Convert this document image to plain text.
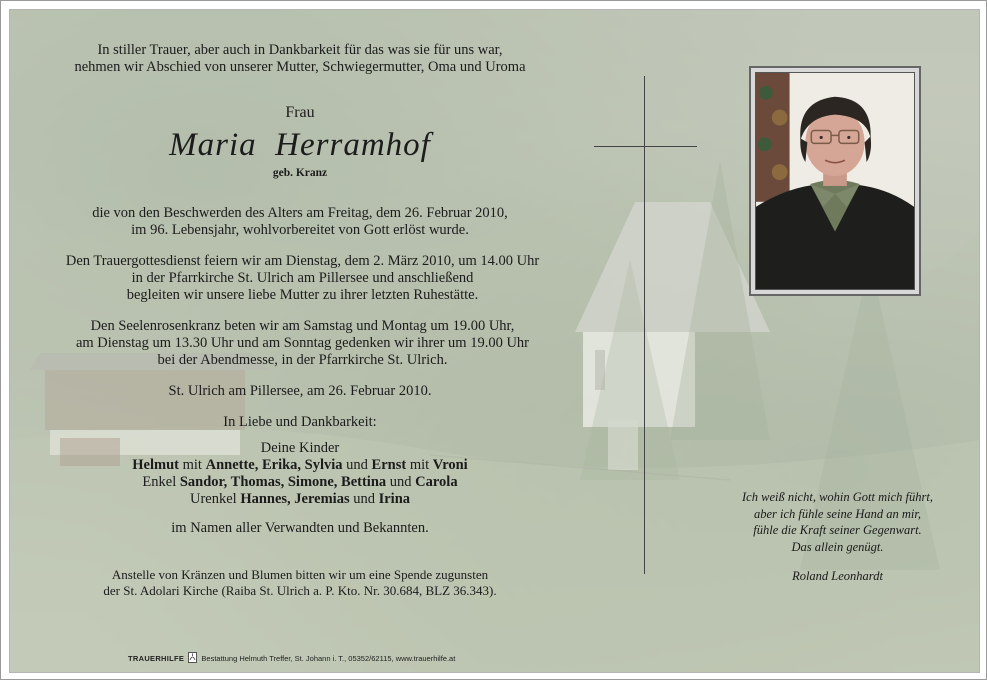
In stiller Trauer, aber auch in Dankbarkeit für das was sie für uns war,
nehmen wir Abschied von unserer Mutter, Schwiegermutter, Oma und Uroma
Frau
Maria  Herramhof
geb. Kranz
die von den Beschwerden des Alters am Freitag, dem 26. Februar 2010,
im 96. Lebensjahr, wohlvorbereitet von Gott erlöst wurde.
Den Trauergottesdienst feiern wir am Dienstag, dem 2. März 2010, um 14.00 Uhr
in der Pfarrkirche St. Ulrich am Pillersee und anschließend
begleiten wir unsere liebe Mutter zu ihrer letzten Ruhestätte.
Den Seelenrosenkranz beten wir am Samstag und Montag um 19.00 Uhr,
am Dienstag um 13.30 Uhr und am Sonntag gedenken wir ihrer um 19.00 Uhr
bei der Abendmesse, in der Pfarrkirche St. Ulrich.
St. Ulrich am Pillersee, am 26. Februar 2010.
In Liebe und Dankbarkeit:
Deine Kinder
Helmut mit Annette, Erika, Sylvia und Ernst mit Vroni
Enkel Sandor, Thomas, Simone, Bettina und Carola
Urenkel Hannes, Jeremias und Irina
im Namen aller Verwandten und Bekannten.
Anstelle von Kränzen und Blumen bitten wir um eine Spende zugunsten
der St. Adolari Kirche (Raiba St. Ulrich a. P. Kto. Nr. 30.684, BLZ 36.343).
Ich weiß nicht, wohin Gott mich führt,
aber ich fühle seine Hand an mir,
fühle die Kraft seiner Gegenwart.
Das allein genügt.
Roland Leonhardt
TRAUERHILFE Bestattung Helmuth Treffer, St. Johann i. T., 05352/62115, www.trauerhilfe.at
